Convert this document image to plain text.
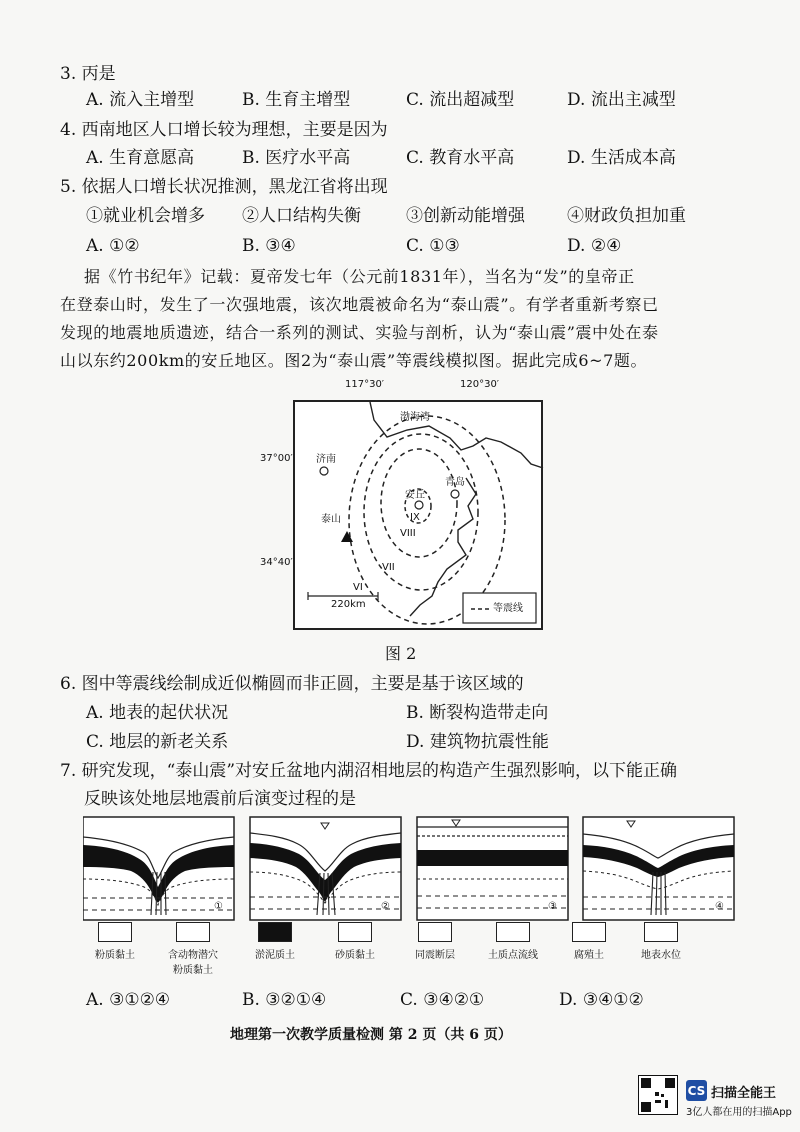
3. 丙是
A. 流入主增型	B. 生育主增型	C. 流出超减型	D. 流出主减型
4. 西南地区人口增长较为理想，主要是因为
A. 生育意愿高	B. 医疗水平高	C. 教育水平高	D. 生活成本高
5. 依据人口增长状况推测，黑龙江省将出现
①就业机会增多 ②人口结构失衡	③创新动能增强 ④财政负担加重
A. ①②	B. ③④	C. ①③	D. ②④
据《竹书纪年》记载：夏帝发七年（公元前1831年），当名为“发”的皇帝正
在登泰山时，发生了一次强地震，该次地震被命名为“泰山震”。有学者重新考察已
发现的地震地质遗迹，结合一系列的测试、实验与剖析，认为“泰山震”震中处在泰
山以东约200km的安丘地区。图2为“泰山震”等震线模拟图。据此完成6~7题。
117°30′	120°30′
37°00′
34°40′
渤海湾
济南
青岛
安丘
泰山
VI
VII
VIII
IX
220km	等震线
图 2
6. 图中等震线绘制成近似椭圆而非正圆，主要是基于该区域的
A. 地表的起伏状况	B. 断裂构造带走向
C. 地层的新老关系	D. 建筑物抗震性能
7. 研究发现，“泰山震”对安丘盆地内湖沼相地层的构造产生强烈影响，以下能正确
反映该处地层地震前后演变过程的是
①	②	③	④
粉质黏土	含动物潜穴
粉质黏土
淤泥质土	砂质黏土	同震断层	土质点流线	腐殖土	地表水位
A. ③①②④	B. ③②①④	C. ③④②①	D. ③④①②
地理第一次教学质量检测 第 2 页（共 6 页）
CS 扫描全能王
3亿人都在用的扫描App
